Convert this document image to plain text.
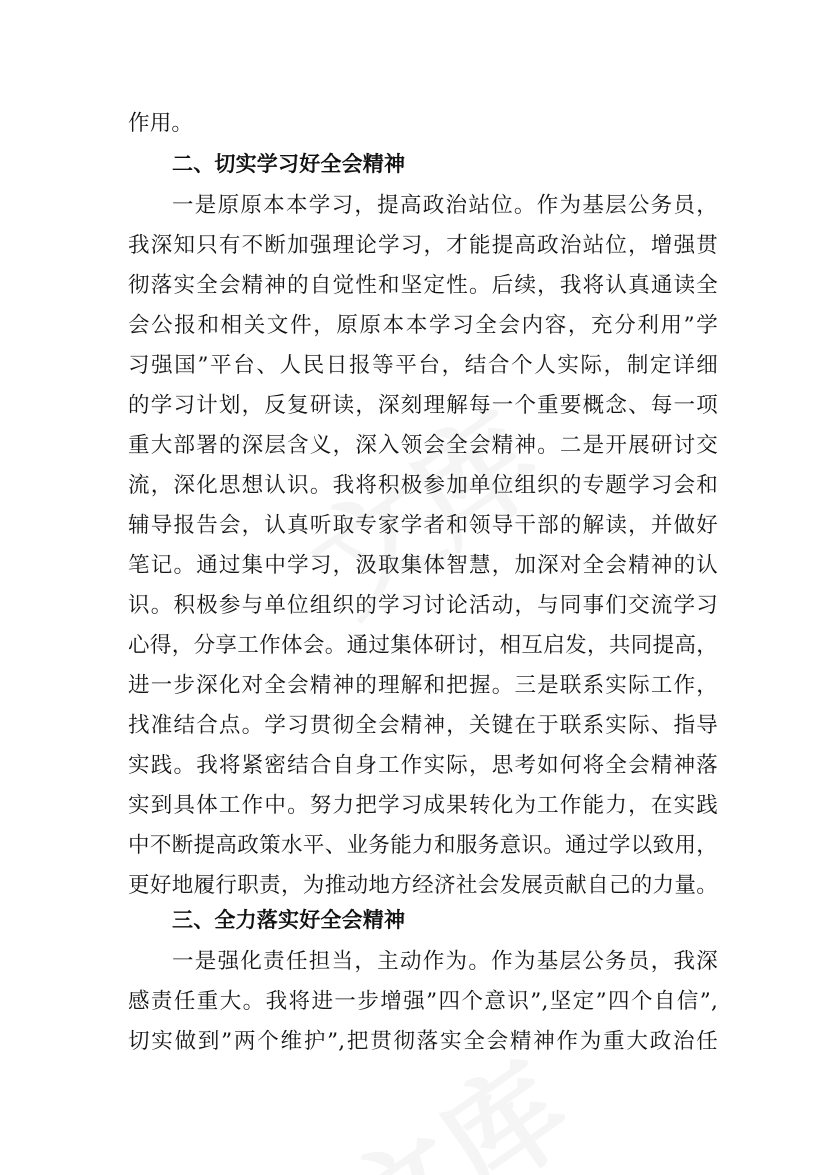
作用。
二、切实学习好全会精神
一是原原本本学习，提高政治站位。作为基层公务员，
我深知只有不断加强理论学习，才能提高政治站位，增强贯
彻落实全会精神的自觉性和坚定性。后续，我将认真通读全
会公报和相关文件，原原本本学习全会内容，充分利用”学
习强国”平台、人民日报等平台，结合个人实际，制定详细
的学习计划，反复研读，深刻理解每一个重要概念、每一项
重大部署的深层含义，深入领会全会精神。二是开展研讨交
流，深化思想认识。我将积极参加单位组织的专题学习会和
辅导报告会，认真听取专家学者和领导干部的解读，并做好
笔记。通过集中学习，汲取集体智慧，加深对全会精神的认
识。积极参与单位组织的学习讨论活动，与同事们交流学习
心得，分享工作体会。通过集体研讨，相互启发，共同提高，
进一步深化对全会精神的理解和把握。三是联系实际工作，
找准结合点。学习贯彻全会精神，关键在于联系实际、指导
实践。我将紧密结合自身工作实际，思考如何将全会精神落
实到具体工作中。努力把学习成果转化为工作能力，在实践
中不断提高政策水平、业务能力和服务意识。通过学以致用，
更好地履行职责，为推动地方经济社会发展贡献自己的力量。
三、全力落实好全会精神
一是强化责任担当，主动作为。作为基层公务员，我深
感责任重大。我将进一步增强”四个意识”,坚定”四个自信”,
切实做到”两个维护”,把贯彻落实全会精神作为重大政治任
